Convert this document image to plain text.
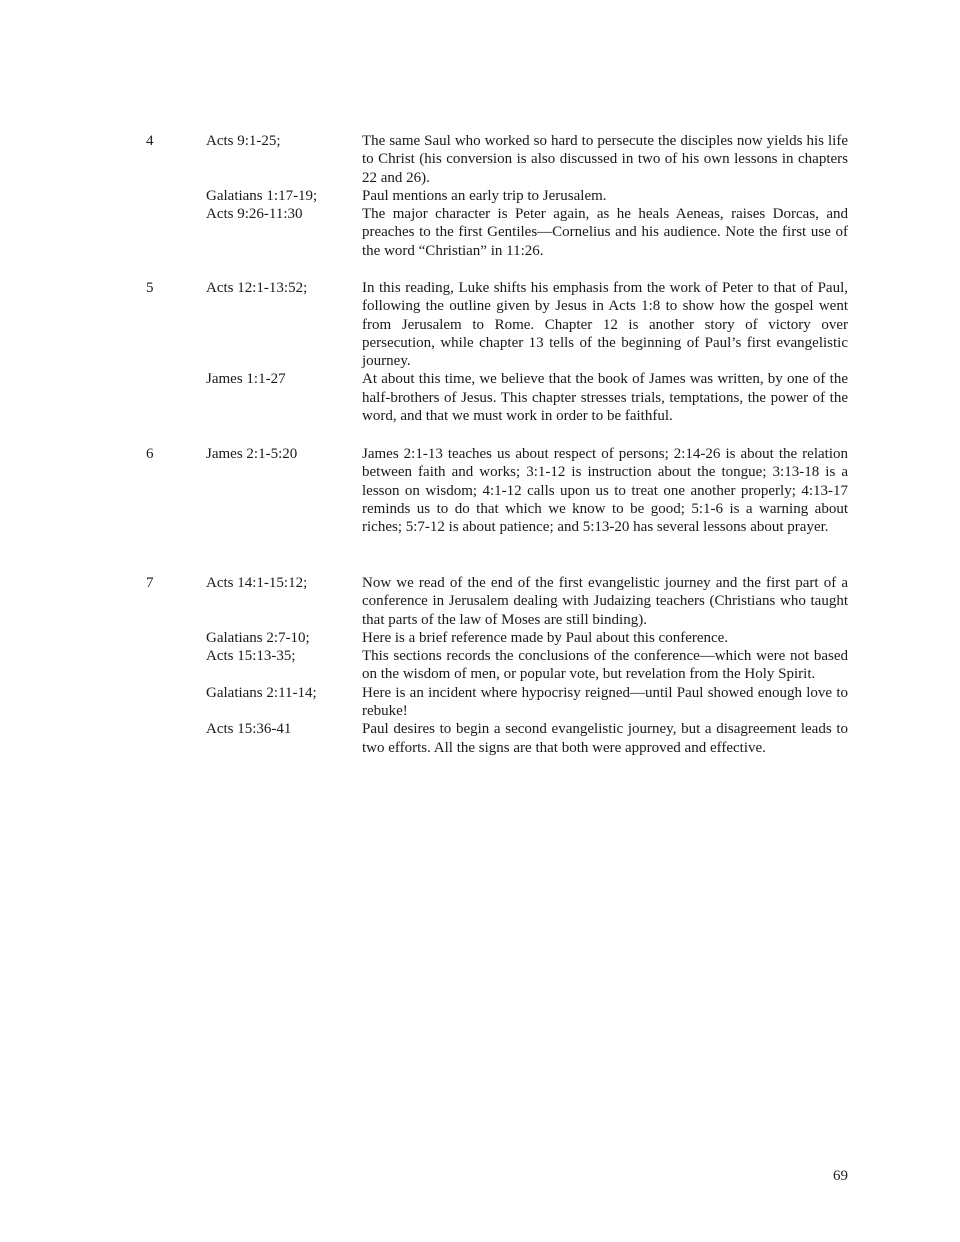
4	Acts 9:1-25;	The same Saul who worked so hard to persecute the disciples now yields his life to Christ (his conversion is also discussed in two of his own lessons in chapters 22 and 26).
Galatians 1:17-19;	Paul mentions an early trip to Jerusalem.
Acts 9:26-11:30	The major character is Peter again, as he heals Aeneas, raises Dorcas, and preaches to the first Gentiles—Cornelius and his audience. Note the first use of the word “Christian” in 11:26.
5	Acts 12:1-13:52;	In this reading, Luke shifts his emphasis from the work of Peter to that of Paul, following the outline given by Jesus in Acts 1:8 to show how the gospel went from Jerusalem to Rome. Chapter 12 is another story of victory over persecution, while chapter 13 tells of the beginning of Paul’s first evangelistic journey.
James 1:1-27	At about this time, we believe that the book of James was written, by one of the half-brothers of Jesus. This chapter stresses trials, temptations, the power of the word, and that we must work in order to be faithful.
6	James 2:1-5:20	James 2:1-13 teaches us about respect of persons; 2:14-26 is about the relation between faith and works; 3:1-12 is instruction about the tongue; 3:13-18 is a lesson on wisdom; 4:1-12 calls upon us to treat one another properly; 4:13-17 reminds us to do that which we know to be good; 5:1-6 is a warning about riches; 5:7-12 is about patience; and 5:13-20 has several lessons about prayer.
7	Acts 14:1-15:12;	Now we read of the end of the first evangelistic journey and the first part of a conference in Jerusalem dealing with Judaizing teachers (Christians who taught that parts of the law of Moses are still binding).
Galatians 2:7-10;	Here is a brief reference made by Paul about this conference.
Acts 15:13-35;	This sections records the conclusions of the conference—which were not based on the wisdom of men, or popular vote, but revelation from the Holy Spirit.
Galatians 2:11-14;	Here is an incident where hypocrisy reigned—until Paul showed enough love to rebuke!
Acts 15:36-41	Paul desires to begin a second evangelistic journey, but a disagreement leads to two efforts. All the signs are that both were approved and effective.
69
